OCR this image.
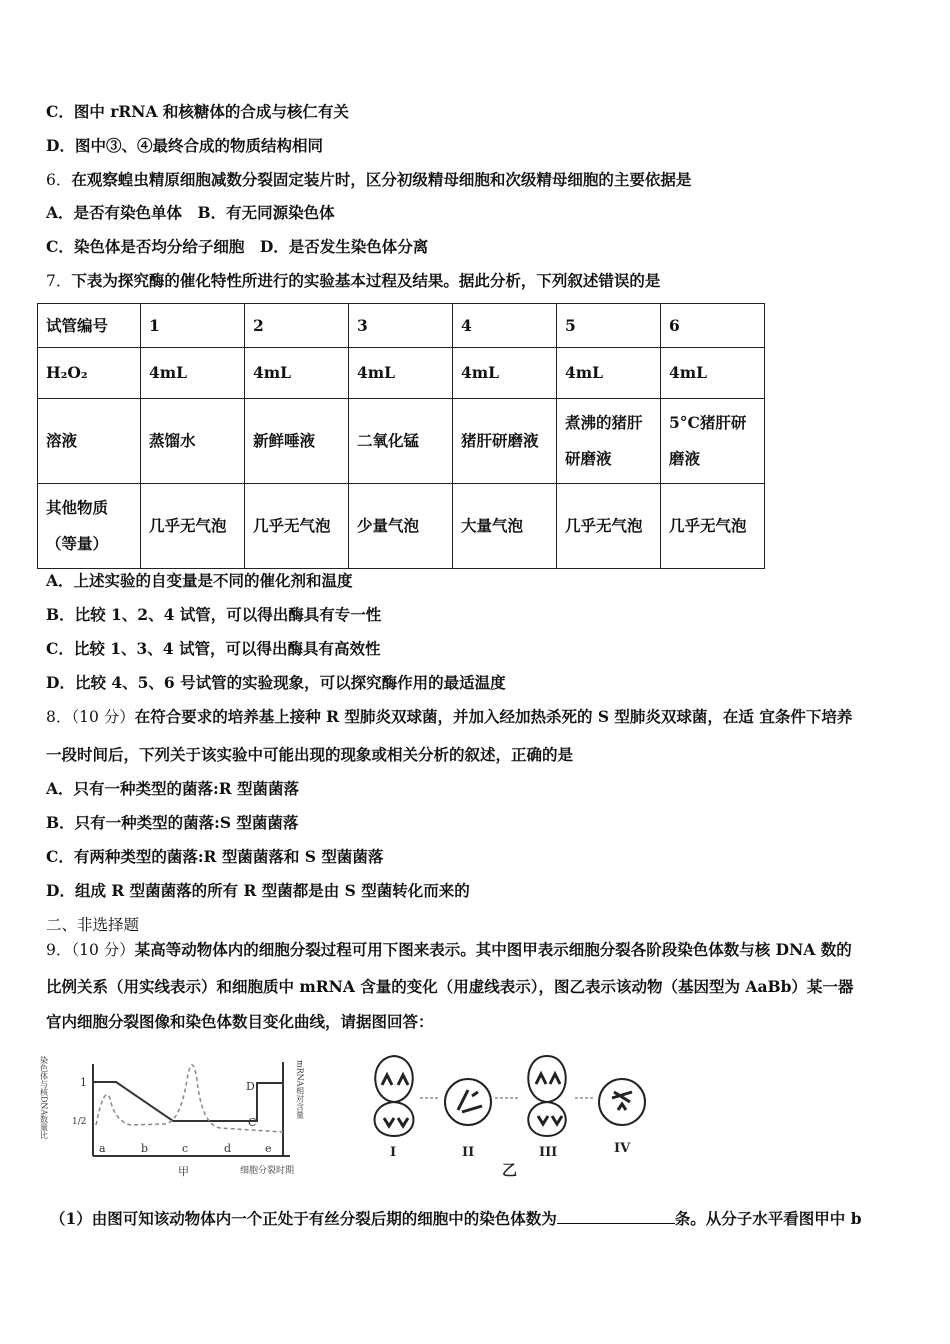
C．图中 rRNA 和核糖体的合成与核仁有关
D．图中③、④最终合成的物质结构相同
6．在观察蝗虫精原细胞减数分裂固定装片时，区分初级精母细胞和次级精母细胞的主要依据是
A．是否有染色单体　B．有无同源染色体
C．染色体是否均分给子细胞　D．是否发生染色体分离
7．下表为探究酶的催化特性所进行的实验基本过程及结果。据此分析，下列叙述错误的是
试管编号	1	2	3	4	5	6
H₂O₂	4mL	4mL	4mL	4mL	4mL	4mL
溶液	蒸馏水	新鲜唾液	二氧化锰	猪肝研磨液	煮沸的猪肝研磨液	5°C猪肝研磨液
其他物质（等量）	几乎无气泡	几乎无气泡	少量气泡	大量气泡	几乎无气泡	几乎无气泡
A．上述实验的自变量是不同的催化剂和温度
B．比较 1、2、4 试管，可以得出酶具有专一性
C．比较 1、3、4 试管，可以得出酶具有高效性
D．比较 4、5、6 号试管的实验现象，可以探究酶作用的最适温度
8．（10 分）在符合要求的培养基上接种 R 型肺炎双球菌，并加入经加热杀死的 S 型肺炎双球菌，在适 宜条件下培养
一段时间后，下列关于该实验中可能出现的现象或相关分析的叙述，正确的是
A．只有一种类型的菌落:R 型菌菌落
B．只有一种类型的菌落:S 型菌菌落
C．有两种类型的菌落:R 型菌菌落和 S 型菌菌落
D．组成 R 型菌菌落的所有 R 型菌都是由 S 型菌转化而来的
二、非选择题
9．（10 分）某高等动物体内的细胞分裂过程可用下图来表示。其中图甲表示细胞分裂各阶段染色体数与核 DNA 数的
比例关系（用实线表示）和细胞质中 mRNA 含量的变化（用虚线表示），图乙表示该动物（基因型为 AaBb）某一器
官内细胞分裂图像和染色体数目变化曲线，请据图回答：
染色体与核DNA数量比	mRNA相对含量
1
1/2	C
D
a	b	c	d	e
甲	细胞分裂时期
I	II	III	IV
乙
（1）由图可知该动物体内一个正处于有丝分裂后期的细胞中的染色体数为	条。从分子水平看图甲中 b
